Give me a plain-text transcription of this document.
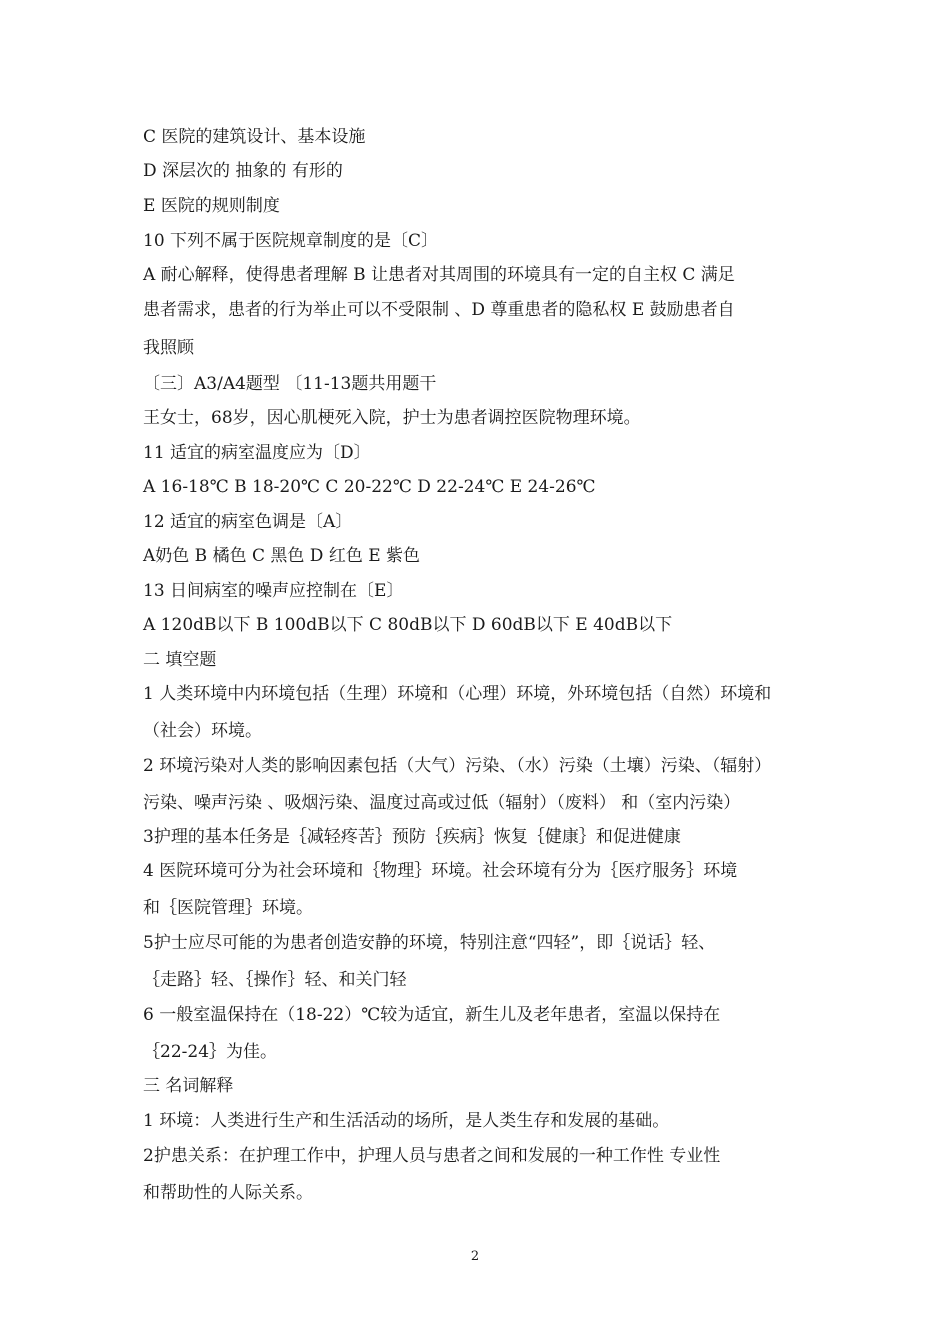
C 医院的建筑设计、基本设施
D 深层次的 抽象的 有形的
E 医院的规则制度
10 下列不属于医院规章制度的是〔C〕
A 耐心解释，使得患者理解 B 让患者对其周围的环境具有一定的自主权 C 满足
患者需求，患者的行为举止可以不受限制 、D 尊重患者的隐私权 E 鼓励患者自
我照顾
〔三〕A3/A4题型 〔11-13题共用题干
王女士，68岁，因心肌梗死入院，护士为患者调控医院物理环境。
11 适宜的病室温度应为〔D〕
A 16-18℃ B 18-20℃ C 20-22℃ D 22-24℃ E 24-26℃
12 适宜的病室色调是〔A〕
A奶色 B 橘色 C 黑色 D 红色 E 紫色
13 日间病室的噪声应控制在〔E〕
A 120dB以下 B 100dB以下 C 80dB以下 D 60dB以下 E 40dB以下
二 填空题
1 人类环境中内环境包括（生理）环境和（心理）环境，外环境包括（自然）环境和
（社会）环境。
2 环境污染对人类的影响因素包括（大气）污染、（水）污染（土壤）污染、（辐射）
污染、噪声污染 、吸烟污染、温度过高或过低（辐射）（废料） 和（室内污染）
3护理的基本任务是｛减轻疼苦｝预防｛疾病｝恢复｛健康｝和促进健康
4 医院环境可分为社会环境和｛物理｝环境。社会环境有分为｛医疗服务｝环境
和｛医院管理｝环境。
5护士应尽可能的为患者创造安静的环境，特别注意“四轻”，即｛说话｝轻、
｛走路｝轻、｛操作｝轻、和关门轻
6 一般室温保持在（18-22）℃较为适宜，新生儿及老年患者，室温以保持在
｛22-24｝为佳。
三 名词解释
1 环境：人类进行生产和生活活动的场所，是人类生存和发展的基础。
2护患关系：在护理工作中，护理人员与患者之间和发展的一种工作性 专业性
和帮助性的人际关系。
2
